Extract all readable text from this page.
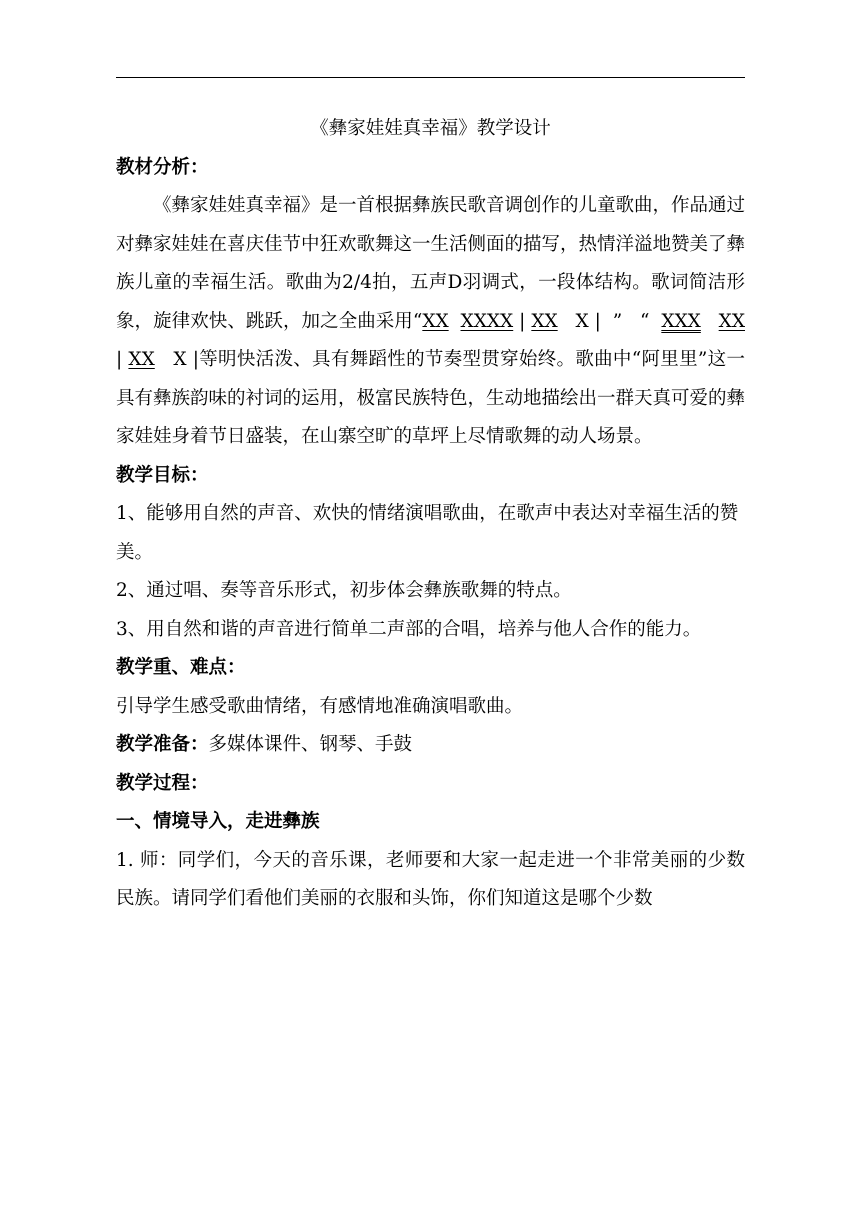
《彝家娃娃真幸福》教学设计

教材分析：

《彝家娃娃真幸福》是一首根据彝族民歌音调创作的儿童歌曲，作品通过对彝家娃娃在喜庆佳节中狂欢歌舞这一生活侧面的描写，热情洋溢地赞美了彝族儿童的幸福生活。歌曲为2/4拍，五声D羽调式，一段体结构。歌词简洁形象，旋律欢快、跳跃，加之全曲采用“XX XXXX | XX X | ” “ XXX XX | XX X |等明快活泼、具有舞蹈性的节奏型贯穿始终。歌曲中“阿里里”这一具有彝族韵味的衬词的运用，极富民族特色，生动地描绘出一群天真可爱的彝家娃娃身着节日盛装，在山寨空旷的草坪上尽情歌舞的动人场景。

教学目标：

1、能够用自然的声音、欢快的情绪演唱歌曲，在歌声中表达对幸福生活的赞美。

2、通过唱、奏等音乐形式，初步体会彝族歌舞的特点。

3、用自然和谐的声音进行简单二声部的合唱，培养与他人合作的能力。

教学重、难点：

引导学生感受歌曲情绪，有感情地准确演唱歌曲。

教学准备：多媒体课件、钢琴、手鼓

教学过程：

一、情境导入，走进彝族

1. 师：同学们，今天的音乐课，老师要和大家一起走进一个非常美丽的少数民族。请同学们看他们美丽的衣服和头饰，你们知道这是哪个少数
